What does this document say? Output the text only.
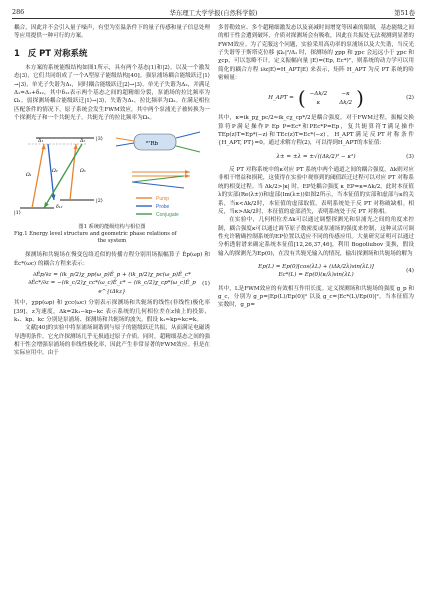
286	华东理工大学学报(自然科学版)	第51卷

耦合，因此并不会引入量子噪声，有望为室温条件下的量子传感和量子信息处理等应用提供一种可行的方案。

1 反 PT 对称系统

本方案的系统能级结构如图1所示，具有两个基态|1⟩和|2⟩，以及一个激发态|3⟩，它们共同组成了一个Λ型原子能级结构[40]。强泵浦场耦合能级跃迁|1⟩→|3⟩，单光子失谐为Δ₁，同时耦合能级跃迁|2⟩→|3⟩，单光子失谐为Δ₂，并满足Δ₁=Δ₁+δ₁₂，其中δ₁₂表示两个基态之间的超精细分裂，泵浦场的拉比频率为Ω₁。弱探测场耦合能级跃迁|1⟩→|3⟩，失谐为Δ₁，拉比频率为Ω₂。在满足相位匹配条件的情况下，原子系统会发生FWM效应，其中两个泵浦光子被转换为一个探测光子和一个共轭光子，共轭光子的拉比频率为Ω₃。

|3⟩
|2⟩
|1⟩
Ω₁
Ω₂	Ω₃
Δ₁	Δ₂
δ₁₂
⁸⁷Rb
Pump
Probe
Conjugate
图1 系统的能级结构与相位图
Fig.1 Energy level structure and geometric phase relations of
the system

探测场和共轭场在慢变包络近似的传播方程分别用场振幅算子 Êp(ωp) 和 Êc*(ωc) 的耦合方程来表示：

∂Êp/∂z = (ik_p/2)χ_pp(ω_p)Ê_p + (ik_p/2)χ_pc(ω_p)Ê_c*
∂Êc*/∂z = −(ik_c/2)χ_cc*(ω_c)Ê_c* − (ik_c/2)χ_cp*(ω_c)Ê_p e^{iΔkz}
(1)

其中，χpp(ωp) 和 χcc(ωc) 分别表示探测场和共轭场的线性(非线性)极化率[39]，z为速度，Δk=2k₁−kp−kc 表示系统的几何相位差在z轴上的投影，k₁、kp、kc 分别是泵浦场、探测场和共轭场的波矢。假设 k₁≈kp≈kc=k。

文献[40]的实验中将泵浦场调谐到与原子的能级跃迁共振，从而满足电磁诱导透明条件，它允许探测场几乎无损通过原子介质。同时，超精细基态之间的强相干性会增强泵浦场的非线性极化率，因此产生非常显著的FWM效应。但是在实际应用中，由于

多普勒效应、多个超精细激发态以及衰减时间增宽等因素的限制，基态能级之间的相干性会遭到破坏，介质对探测场会有吸收，因此在共振处无法观测到显著的FWM效应。为了克服这个问题，实验采用高功率的泵浦场以及大失谐，当反光子失谐等于斯塔克位移 |Ω₁|²/Δ₁ 时，探测场的 χpp 和 χpc 会远远小于 χpc 和 χcp，可以忽略不计。定义振幅向量 |E⟩=(Ep, Ec*)ᵀ，则系统的动力学可以用简化的耦合方程 i∂z|E⟩=H_APT|E⟩ 来表示，矩阵 H_APT 为反 PT 系统的哈密顿量：

H_APT = ( −Δk/2	−κ
κ	Δk/2 )	(2)

其中，κ=ik_pχ_pc/2≈ik_cχ_cp*/2是耦合强度。对于FWM过程，振幅交换算符P满足操作P Ep P=Ec*和PEc*P=Ep，复共轭算符T满足操作TEp(z)T=Ep*(−z)和TEc(z)T=Ec*(−z)，H_APT满足反PT对称条件{H_APT, PT}=0。通过求解方程(2)，可以得到H_APT的本征值：

λ± = ±λ = ±√((Δk/2)² − κ²)	(3)

反 PT 对称系统中的κ对应 PT 系统中两个通道之间的耦合强度，Δk则对应非相干增益和损耗，这使得在实验中观察到的阈值跃迁过程可以对应 PT 对称系统的相变过程。当 Δk/2>|κ| 时，EP处耦合强度 κ_EP=κ=Δk/2。此时本征值λ的实部(Re(λ±))和虚部(Im(λ±))如图2所示，当本征值的实部和虚部与κ的关系，当κ<Δk/2时，本征值的虚部取值，表明系统处于反 PT 对称破缺相。相反，当κ>Δk/2时，本征值的虚部消失，表明系统处于反 PT 对称相。

在实验中，几何相位差Δk可以通过调整探测光和泵浦光之间的角度来控制，耦合强度κ可以通过调节原子数密度或泵浦场的强度来控制，这种灵活可调性允许精确控制系统的EP位置以适应不同的传感应用。大量研究证明可以通过分析透射谱来确定系统本征值[12,26,37,46]，利用 Bogoliubov 变换，假设输入的探测光为Ep(0)，在没有共轭光输入的情况，输出探测场和共轭场的解为

Ep(L) = Ep(0)[cos(λL) + (iΔk/2λ)sin(λL)]
Ec*(L) = Ep(0)(κ/λ)sin(λL)
(4)

其中，L是FWM效应的有效相互作用长度。定义探测场和共轭场的强度 g_p 和 g_c，分别为 g_p=|Ep(L)/Ep(0)|² 以及 g_c=|Ec*(L)/Ep(0)|²。当本征值为实数时，g_p=
